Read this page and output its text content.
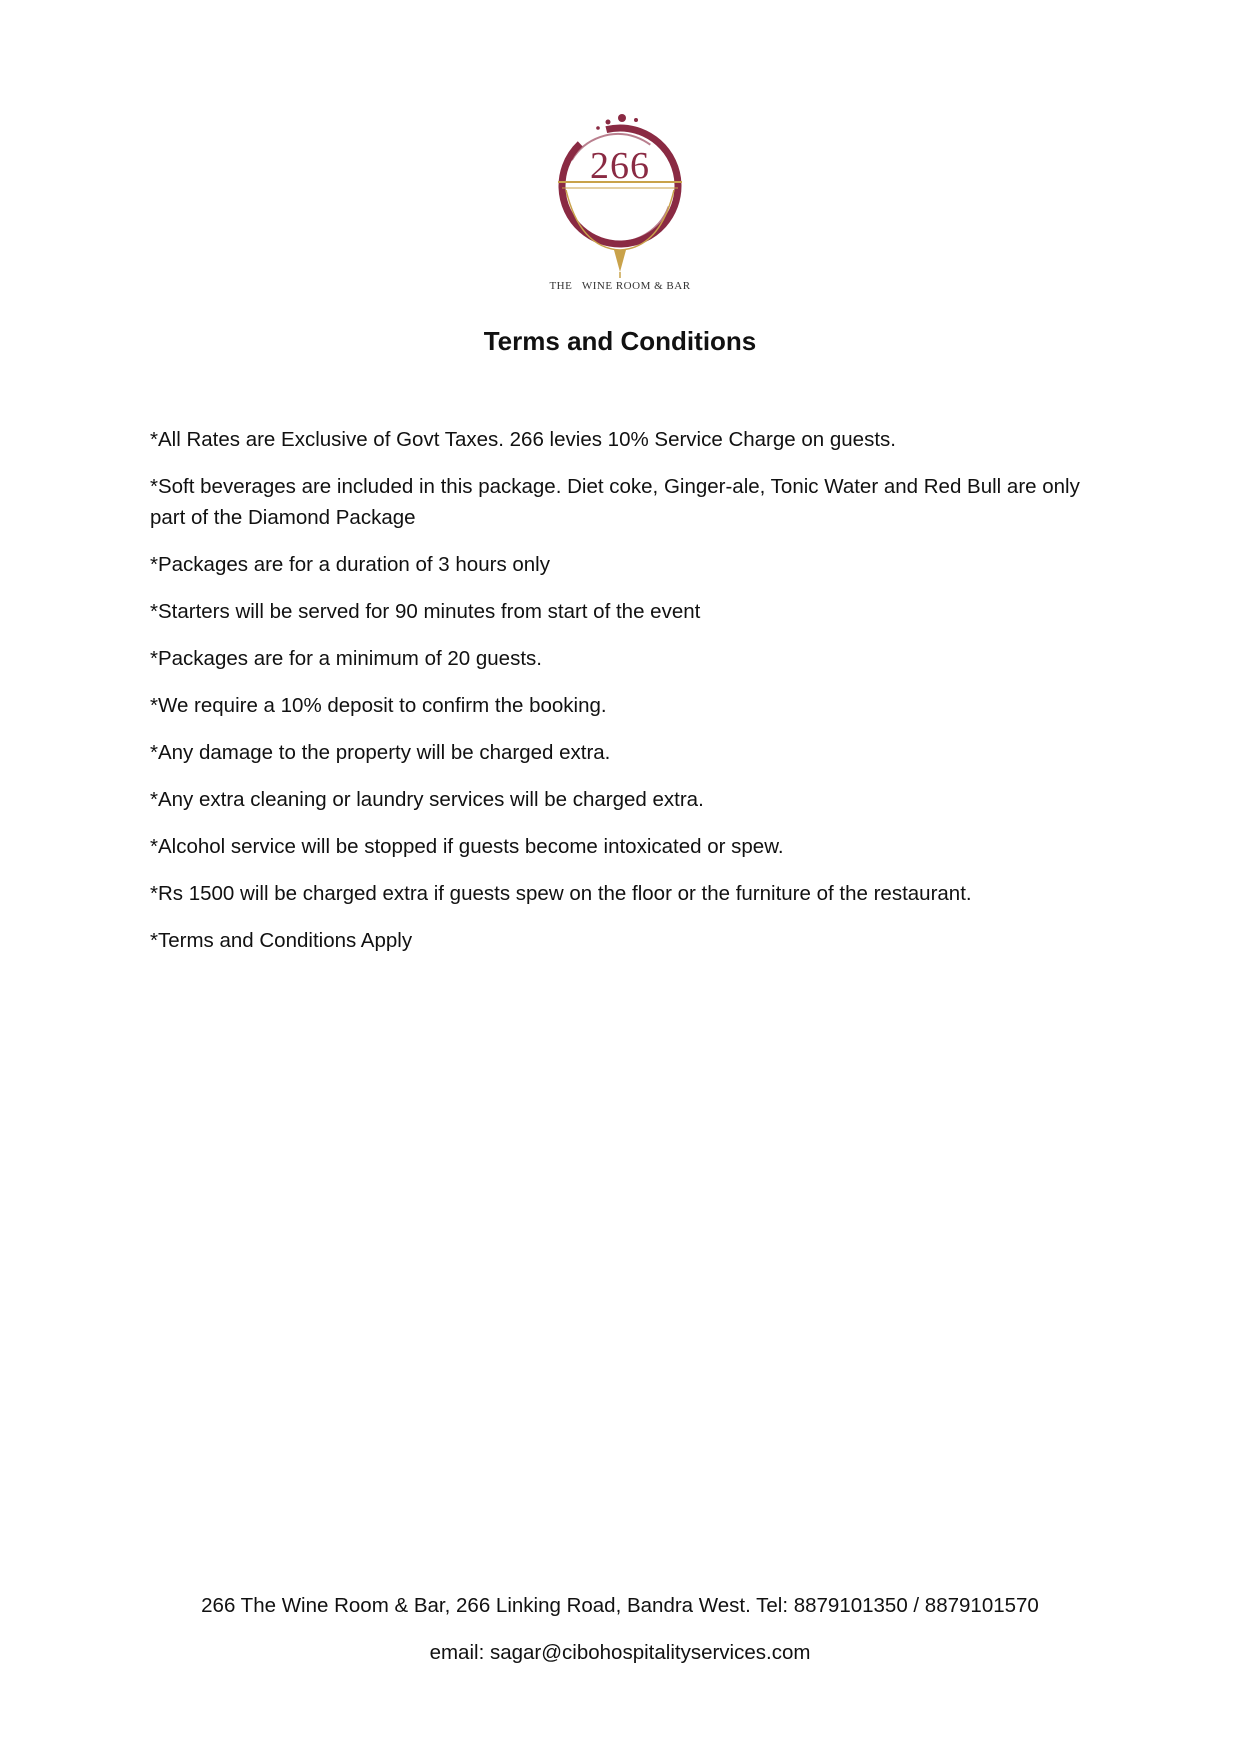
266
THE   WINE ROOM & BAR
Terms and Conditions
*All Rates are Exclusive of Govt Taxes. 266 levies 10% Service Charge on guests.
*Soft beverages are included in this package. Diet coke, Ginger-ale, Tonic Water and Red Bull are only part of the Diamond Package
*Packages are for a duration of 3 hours only
*Starters will be served for 90 minutes from start of the event
*Packages are for a minimum of 20 guests.
*We require a 10% deposit to confirm the booking.
*Any damage to the property will be charged extra.
*Any extra cleaning or laundry services will be charged extra.
*Alcohol service will be stopped if guests become intoxicated or spew.
*Rs 1500 will be charged extra if guests spew on the floor or the furniture of the restaurant.
*Terms and Conditions Apply
266 The Wine Room & Bar, 266 Linking Road, Bandra West. Tel: 8879101350 / 8879101570
email: sagar@cibohospitalityservices.com
